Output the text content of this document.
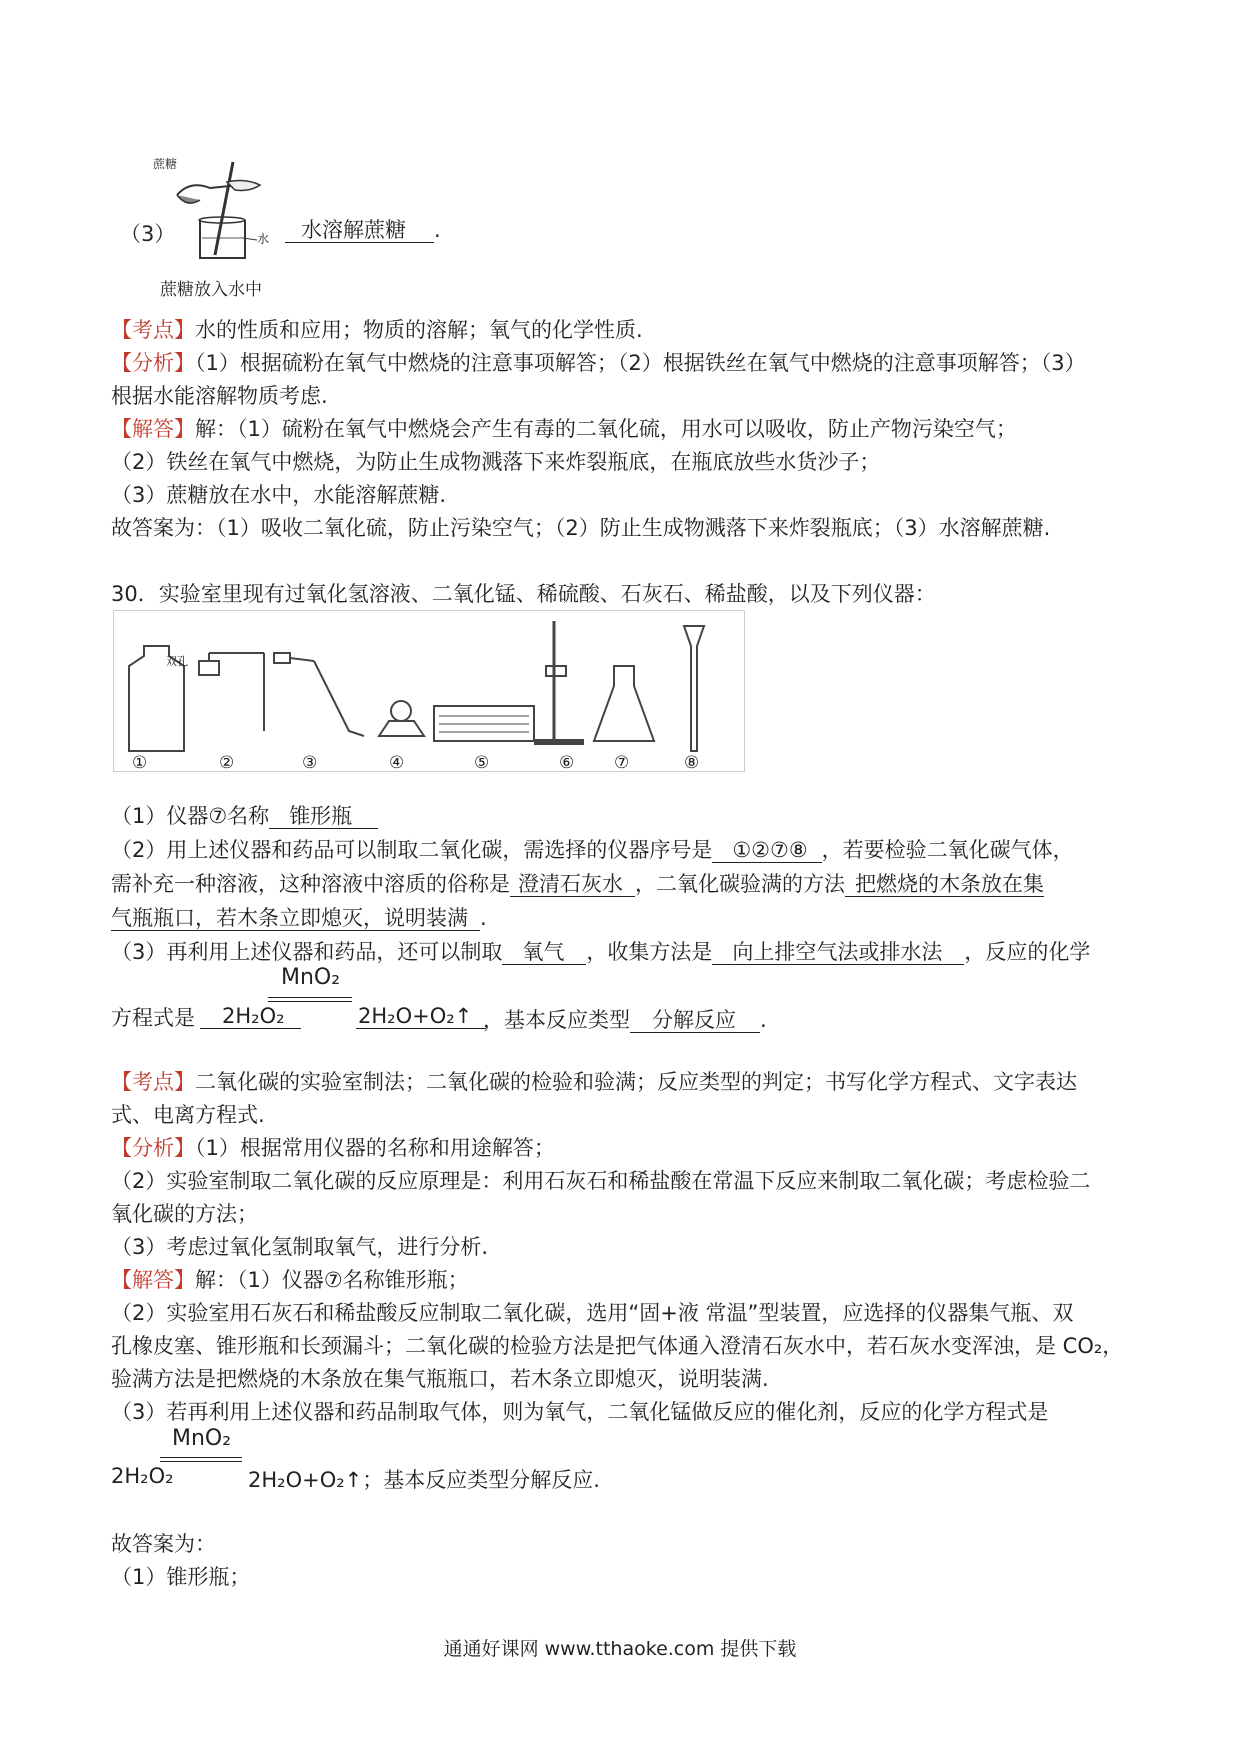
（3）
蔗糖
水
蔗糖放入水中
水溶解蔗糖 .
【考点】水的性质和应用；物质的溶解；氧气的化学性质.
【分析】（1）根据硫粉在氧气中燃烧的注意事项解答；（2）根据铁丝在氧气中燃烧的注意事项解答；（3）
根据水能溶解物质考虑.
【解答】解：（1）硫粉在氧气中燃烧会产生有毒的二氧化硫，用水可以吸收，防止产物污染空气；
（2）铁丝在氧气中燃烧，为防止生成物溅落下来炸裂瓶底，在瓶底放些水货沙子；
（3）蔗糖放在水中，水能溶解蔗糖.
故答案为：（1）吸收二氧化硫，防止污染空气；（2）防止生成物溅落下来炸裂瓶底；（3）水溶解蔗糖.
30．实验室里现有过氧化氢溶液、二氧化锰、稀硫酸、石灰石、稀盐酸，以及下列仪器：
双孔
①	②	③	④	⑤	⑥ ⑦	⑧
（1）仪器⑦名称 锥形瓶
（2）用上述仪器和药品可以制取二氧化碳，需选择的仪器序号是 ①②⑦⑧ ，若要检验二氧化碳气体，
需补充一种溶液，这种溶液中溶质的俗称是 澄清石灰水 ，二氧化碳验满的方法 把燃烧的木条放在集
气瓶瓶口，若木条立即熄灭，说明装满 .
（3）再利用上述仪器和药品，还可以制取 氧气 ，收集方法是 向上排空气法或排水法 ，反应的化学
MnO₂
方程式是	2H₂O₂	2H₂O+O₂↑ ，基本反应类型 分解反应 .
【考点】二氧化碳的实验室制法；二氧化碳的检验和验满；反应类型的判定；书写化学方程式、文字表达
式、电离方程式.
【分析】（1）根据常用仪器的名称和用途解答；
（2）实验室制取二氧化碳的反应原理是：利用石灰石和稀盐酸在常温下反应来制取二氧化碳；考虑检验二
氧化碳的方法；
（3）考虑过氧化氢制取氧气，进行分析.
【解答】解：（1）仪器⑦名称锥形瓶；
（2）实验室用石灰石和稀盐酸反应制取二氧化碳，选用“固+液 常温”型装置，应选择的仪器集气瓶、双
孔橡皮塞、锥形瓶和长颈漏斗；二氧化碳的检验方法是把气体通入澄清石灰水中，若石灰水变浑浊，是 CO₂，
验满方法是把燃烧的木条放在集气瓶瓶口，若木条立即熄灭，说明装满.
（3）若再利用上述仪器和药品制取气体，则为氧气，二氧化锰做反应的催化剂，反应的化学方程式是
MnO₂
2H₂O₂	2H₂O+O₂↑；基本反应类型分解反应.
故答案为：
（1）锥形瓶；
通通好课网 www.tthaoke.com 提供下载
